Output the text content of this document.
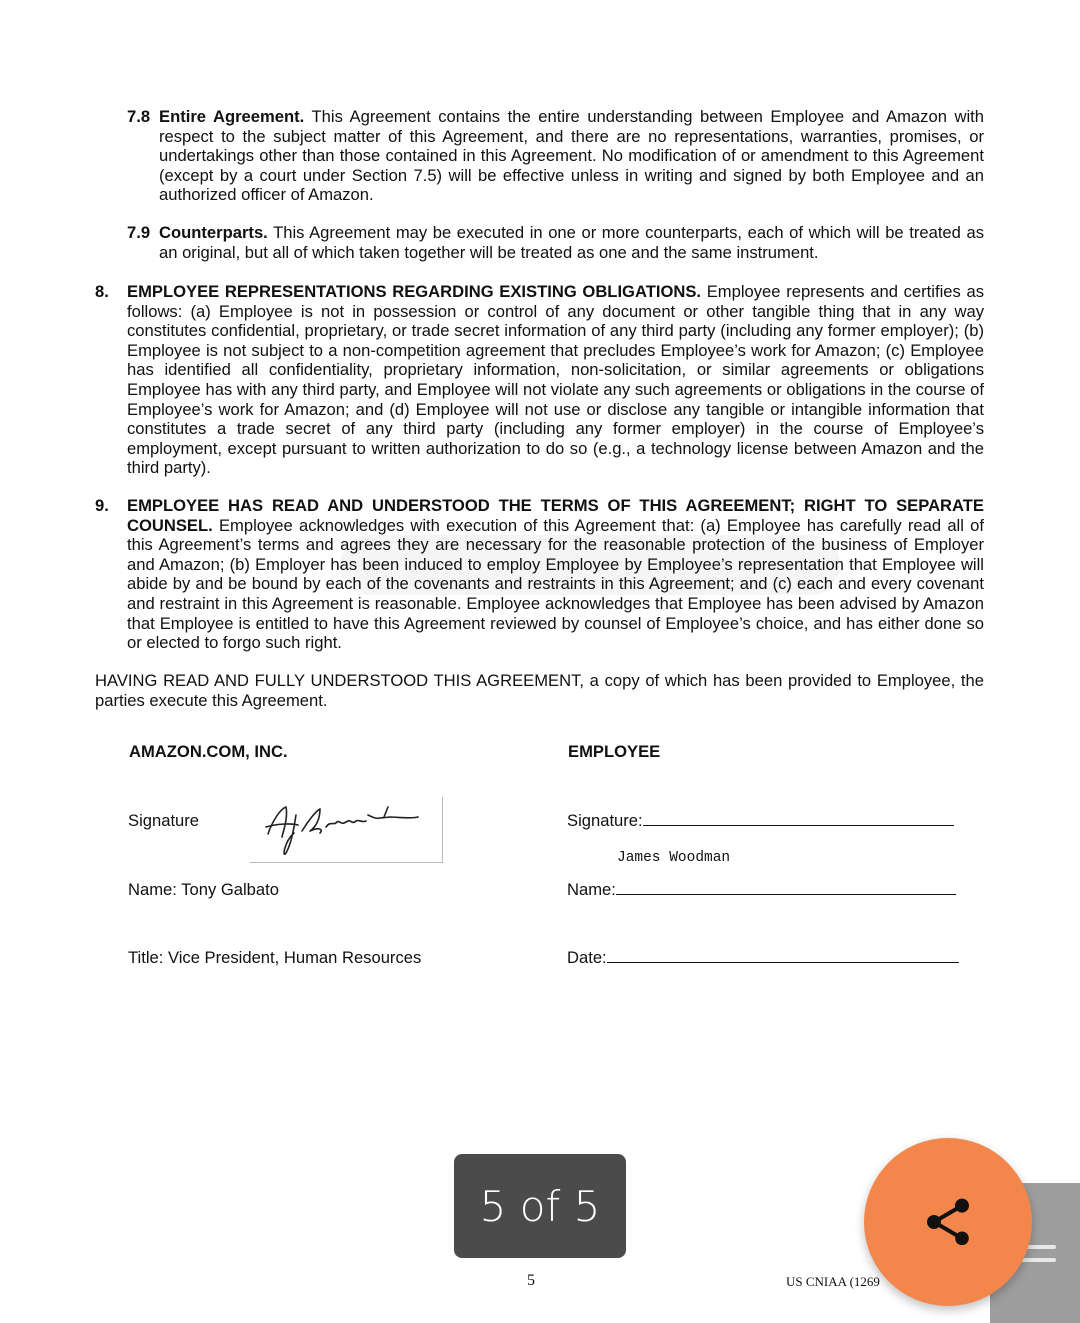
7.8 Entire Agreement. This Agreement contains the entire understanding between Employee and Amazon with respect to the subject matter of this Agreement, and there are no representations, warranties, promises, or undertakings other than those contained in this Agreement. No modification of or amendment to this Agreement (except by a court under Section 7.5) will be effective unless in writing and signed by both Employee and an authorized officer of Amazon.

7.9 Counterparts. This Agreement may be executed in one or more counterparts, each of which will be treated as an original, but all of which taken together will be treated as one and the same instrument.

8. EMPLOYEE REPRESENTATIONS REGARDING EXISTING OBLIGATIONS. Employee represents and certifies as follows: (a) Employee is not in possession or control of any document or other tangible thing that in any way constitutes confidential, proprietary, or trade secret information of any third party (including any former employer); (b) Employee is not subject to a non-competition agreement that precludes Employee’s work for Amazon; (c) Employee has identified all confidentiality, proprietary information, non-solicitation, or similar agreements or obligations Employee has with any third party, and Employee will not violate any such agreements or obligations in the course of Employee’s work for Amazon; and (d) Employee will not use or disclose any tangible or intangible information that constitutes a trade secret of any third party (including any former employer) in the course of Employee’s employment, except pursuant to written authorization to do so (e.g., a technology license between Amazon and the third party).

9. EMPLOYEE HAS READ AND UNDERSTOOD THE TERMS OF THIS AGREEMENT; RIGHT TO SEPARATE COUNSEL. Employee acknowledges with execution of this Agreement that: (a) Employee has carefully read all of this Agreement’s terms and agrees they are necessary for the reasonable protection of the business of Employer and Amazon; (b) Employer has been induced to employ Employee by Employee’s representation that Employee will abide by and be bound by each of the covenants and restraints in this Agreement; and (c) each and every covenant and restraint in this Agreement is reasonable. Employee acknowledges that Employee has been advised by Amazon that Employee is entitled to have this Agreement reviewed by counsel of Employee’s choice, and has either done so or elected to forgo such right.

HAVING READ AND FULLY UNDERSTOOD THIS AGREEMENT, a copy of which has been provided to Employee, the parties execute this Agreement.

AMAZON.COM, INC.
Signature
Name: Tony Galbato
Title: Vice President, Human Resources
EMPLOYEE
Signature:
James Woodman
Name:
Date:
5	US CNIAA (1269
5 of 5
